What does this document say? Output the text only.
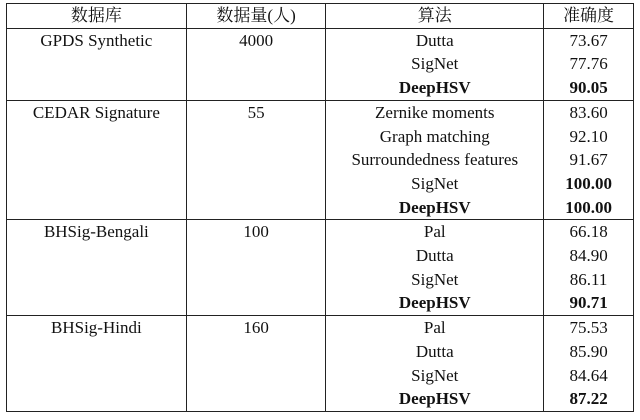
数据库	数据量(人)	算法	准确度
GPDS Synthetic	4000	Dutta	73.67
		SigNet	77.76
		DeepHSV	90.05
CEDAR Signature	55	Zernike moments	83.60
		Graph matching	92.10
		Surroundedness features	91.67
		SigNet	100.00
		DeepHSV	100.00
BHSig-Bengali	100	Pal	66.18
		Dutta	84.90
		SigNet	86.11
		DeepHSV	90.71
BHSig-Hindi	160	Pal	75.53
		Dutta	85.90
		SigNet	84.64
		DeepHSV	87.22
